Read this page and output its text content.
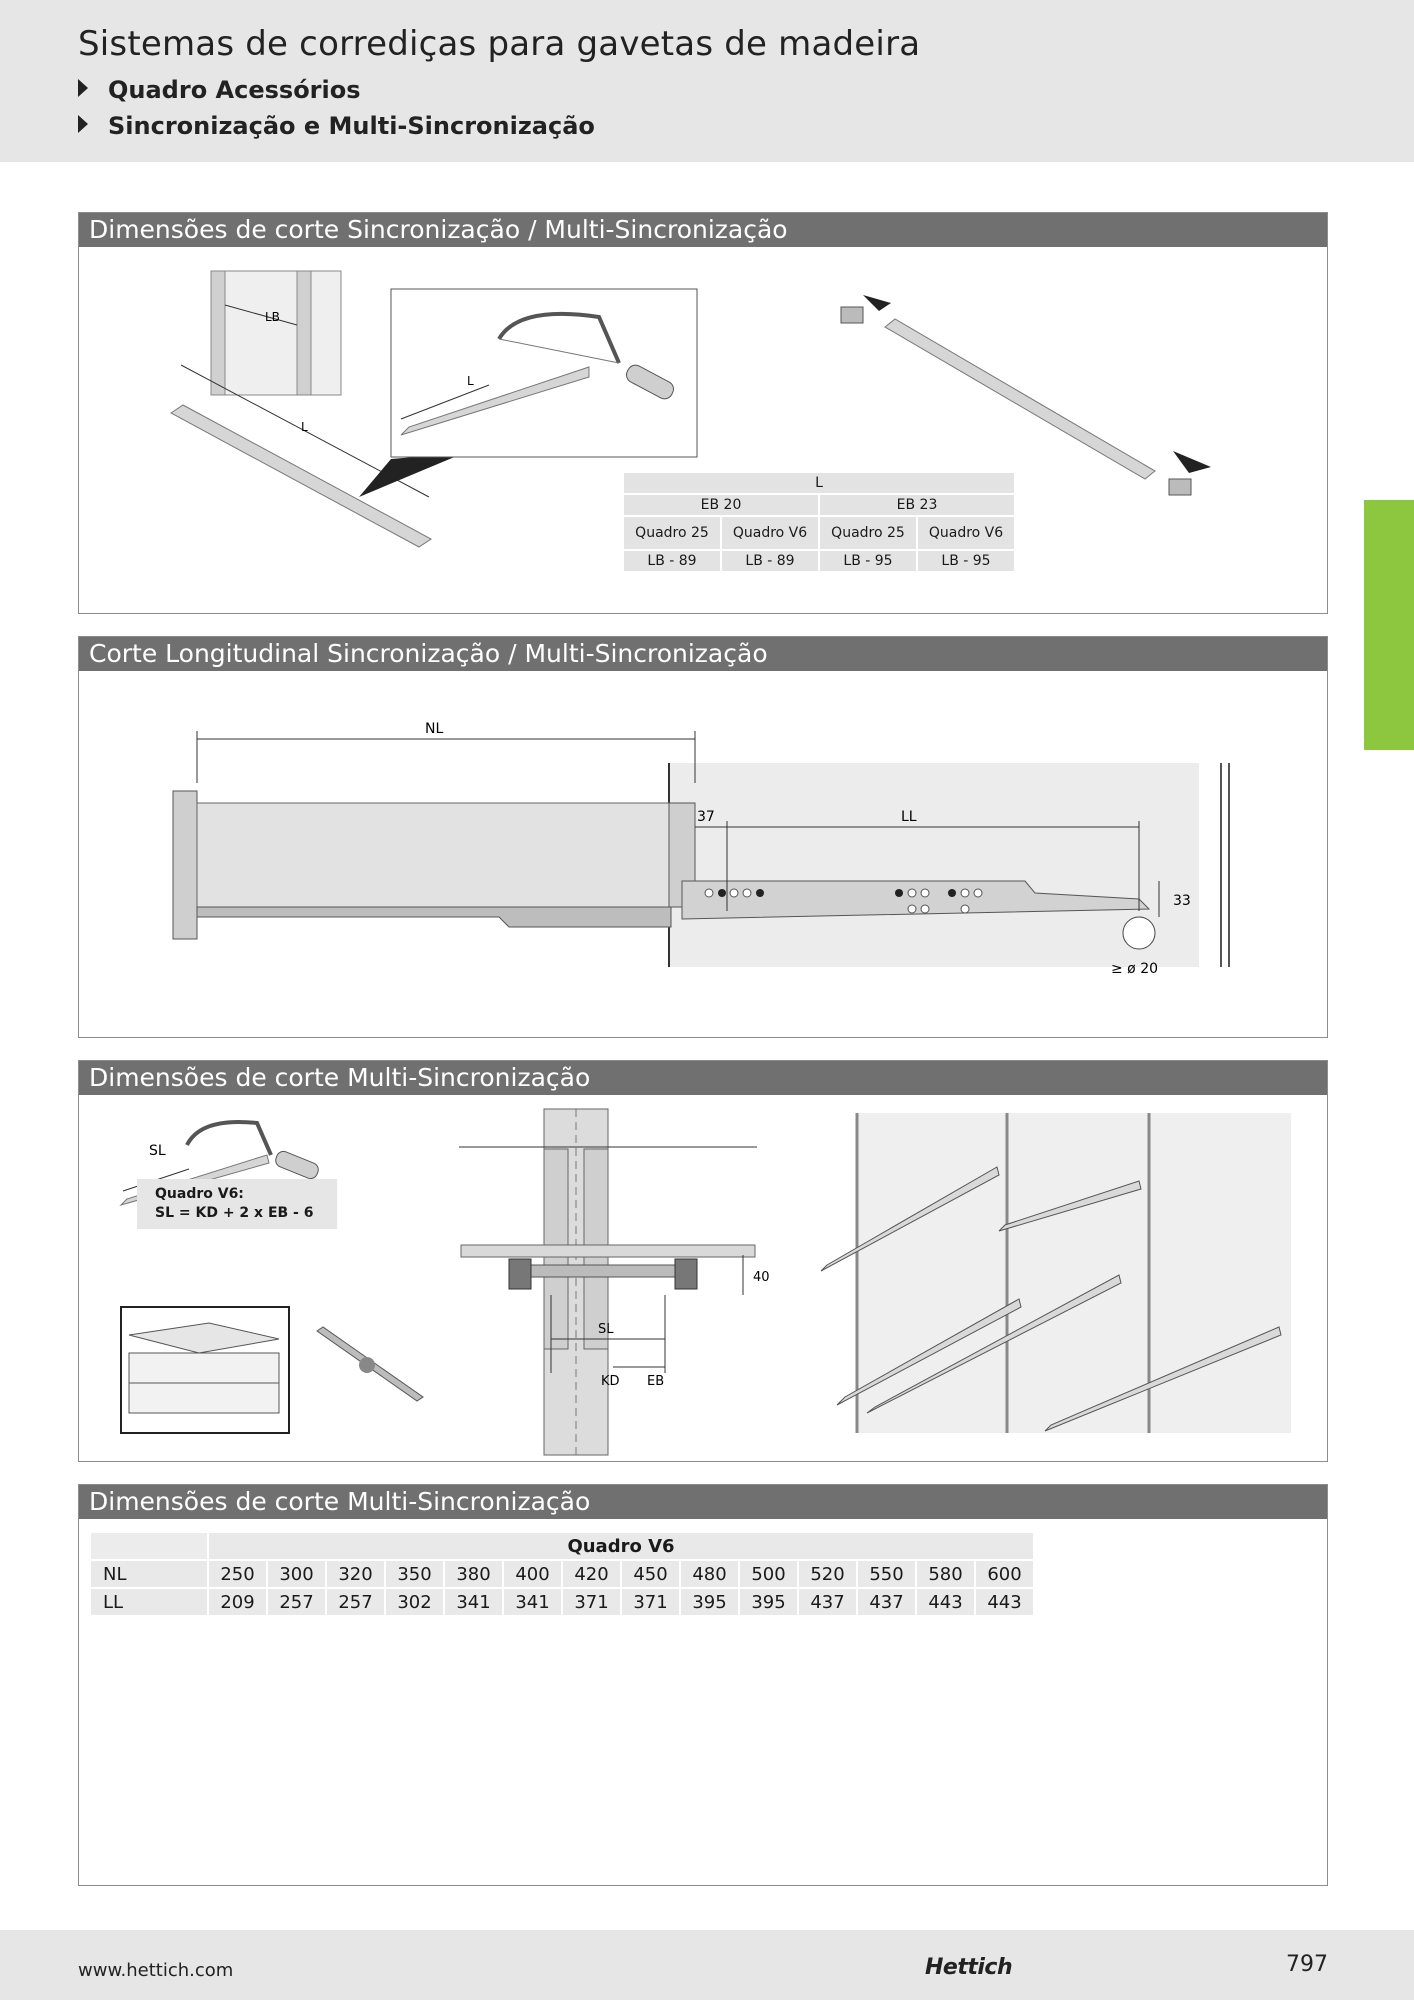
Sistemas de corrediças para gavetas de madeira
Quadro Acessórios
Sincronização e Multi-Sincronização
Dimensões de corte Sincronização / Multi-Sincronização
LB
L
L
L			
EB 20		EB 23	
Quadro 25	Quadro V6	Quadro 25	Quadro V6
LB - 89	LB - 89	LB - 95	LB - 95
Corte Longitudinal Sincronização / Multi-Sincronização
NL
37	LL
33
≥ ø 20
Dimensões de corte Multi-Sincronização
SL
40
SL
KD EB
Quadro V6:
SL = KD + 2 x EB - 6
Dimensões de corte Multi-Sincronização
	Quadro V6													
NL	250	300	320	350	380	400	420	450	480	500	520	550	580	600
LL	209	257	257	302	341	341	371	371	395	395	437	437	443	443
www.hettich.com	Hettich	797
